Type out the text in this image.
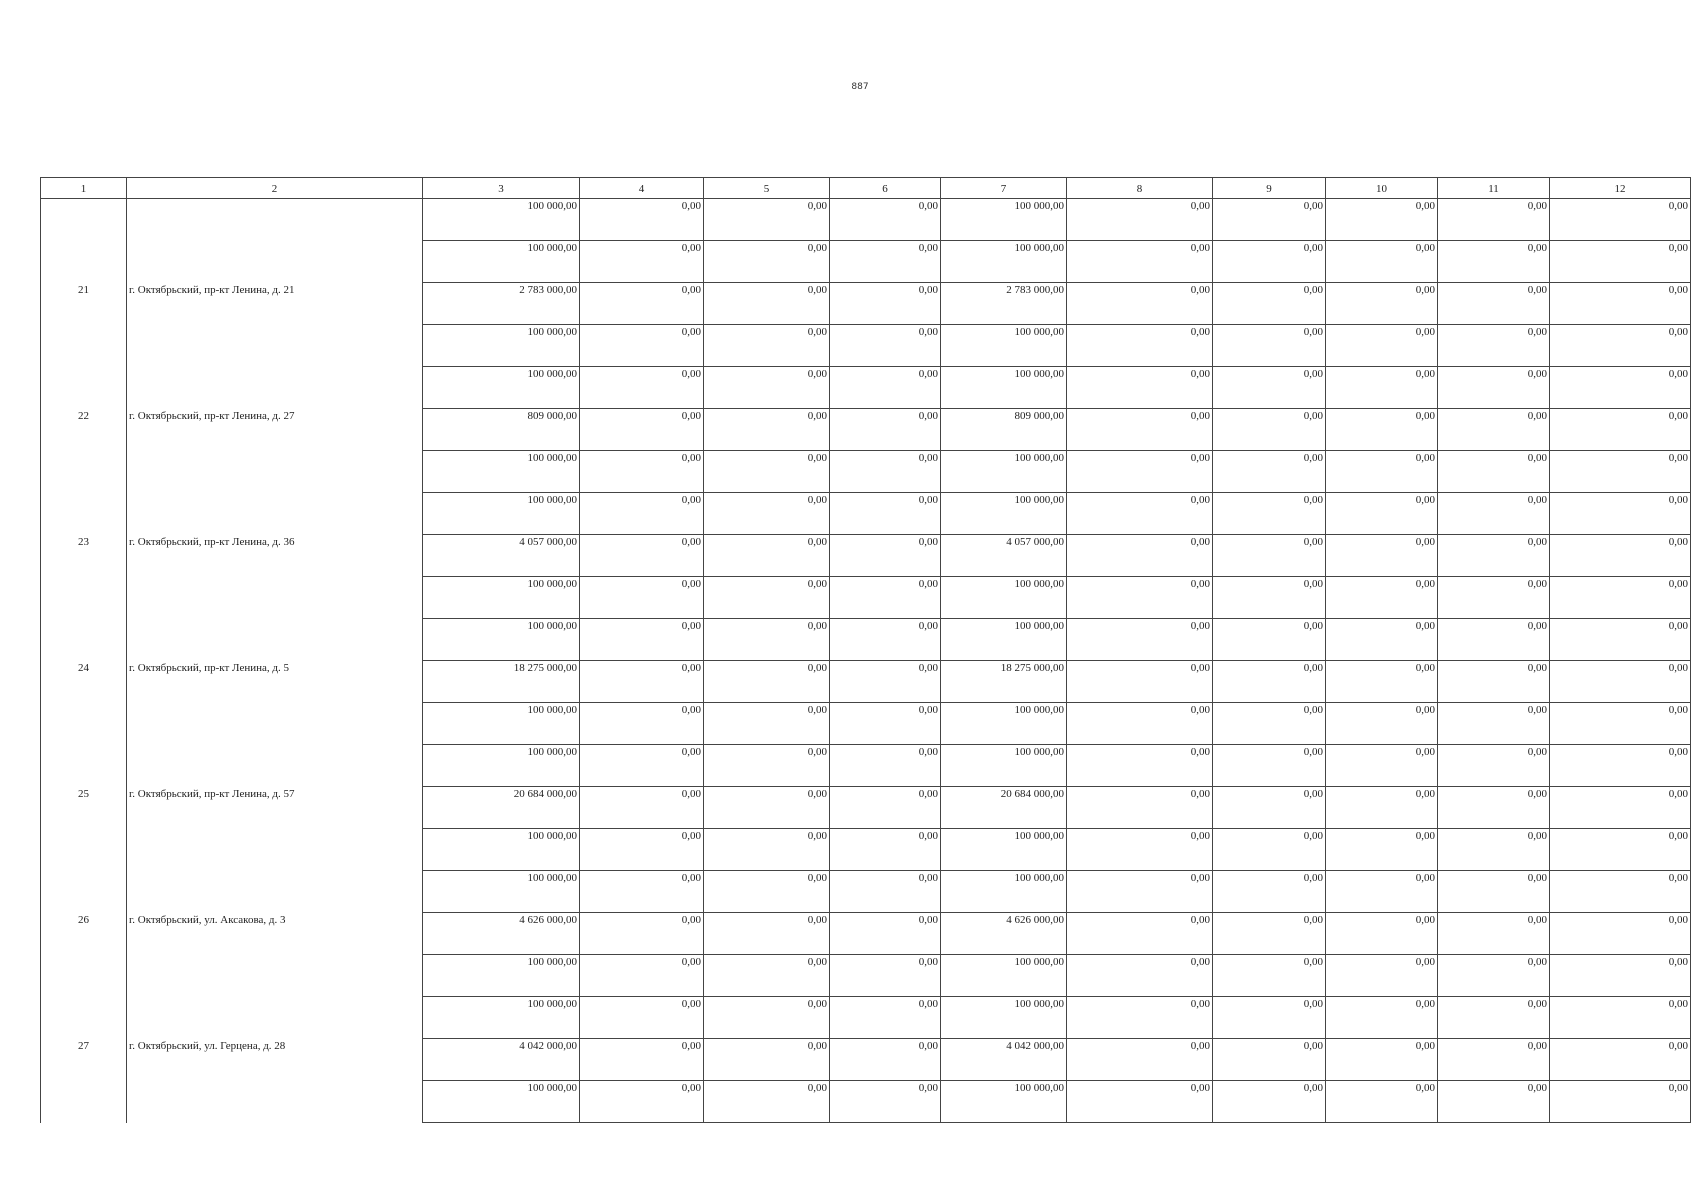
887
1	2	3	4	5	6	7	8	9	10	11	12
		100 000,00	0,00	0,00	0,00	100 000,00	0,00	0,00	0,00	0,00	0,00
		100 000,00	0,00	0,00	0,00	100 000,00	0,00	0,00	0,00	0,00	0,00
21	г. Октябрьский, пр-кт Ленина, д. 21	2 783 000,00	0,00	0,00	0,00	2 783 000,00	0,00	0,00	0,00	0,00	0,00
		100 000,00	0,00	0,00	0,00	100 000,00	0,00	0,00	0,00	0,00	0,00
		100 000,00	0,00	0,00	0,00	100 000,00	0,00	0,00	0,00	0,00	0,00
22	г. Октябрьский, пр-кт Ленина, д. 27	809 000,00	0,00	0,00	0,00	809 000,00	0,00	0,00	0,00	0,00	0,00
		100 000,00	0,00	0,00	0,00	100 000,00	0,00	0,00	0,00	0,00	0,00
		100 000,00	0,00	0,00	0,00	100 000,00	0,00	0,00	0,00	0,00	0,00
23	г. Октябрьский, пр-кт Ленина, д. 36	4 057 000,00	0,00	0,00	0,00	4 057 000,00	0,00	0,00	0,00	0,00	0,00
		100 000,00	0,00	0,00	0,00	100 000,00	0,00	0,00	0,00	0,00	0,00
		100 000,00	0,00	0,00	0,00	100 000,00	0,00	0,00	0,00	0,00	0,00
24	г. Октябрьский, пр-кт Ленина, д. 5	18 275 000,00	0,00	0,00	0,00	18 275 000,00	0,00	0,00	0,00	0,00	0,00
		100 000,00	0,00	0,00	0,00	100 000,00	0,00	0,00	0,00	0,00	0,00
		100 000,00	0,00	0,00	0,00	100 000,00	0,00	0,00	0,00	0,00	0,00
25	г. Октябрьский, пр-кт Ленина, д. 57	20 684 000,00	0,00	0,00	0,00	20 684 000,00	0,00	0,00	0,00	0,00	0,00
		100 000,00	0,00	0,00	0,00	100 000,00	0,00	0,00	0,00	0,00	0,00
		100 000,00	0,00	0,00	0,00	100 000,00	0,00	0,00	0,00	0,00	0,00
26	г. Октябрьский, ул. Аксакова, д. 3	4 626 000,00	0,00	0,00	0,00	4 626 000,00	0,00	0,00	0,00	0,00	0,00
		100 000,00	0,00	0,00	0,00	100 000,00	0,00	0,00	0,00	0,00	0,00
		100 000,00	0,00	0,00	0,00	100 000,00	0,00	0,00	0,00	0,00	0,00
27	г. Октябрьский, ул. Герцена, д. 28	4 042 000,00	0,00	0,00	0,00	4 042 000,00	0,00	0,00	0,00	0,00	0,00
		100 000,00	0,00	0,00	0,00	100 000,00	0,00	0,00	0,00	0,00	0,00
